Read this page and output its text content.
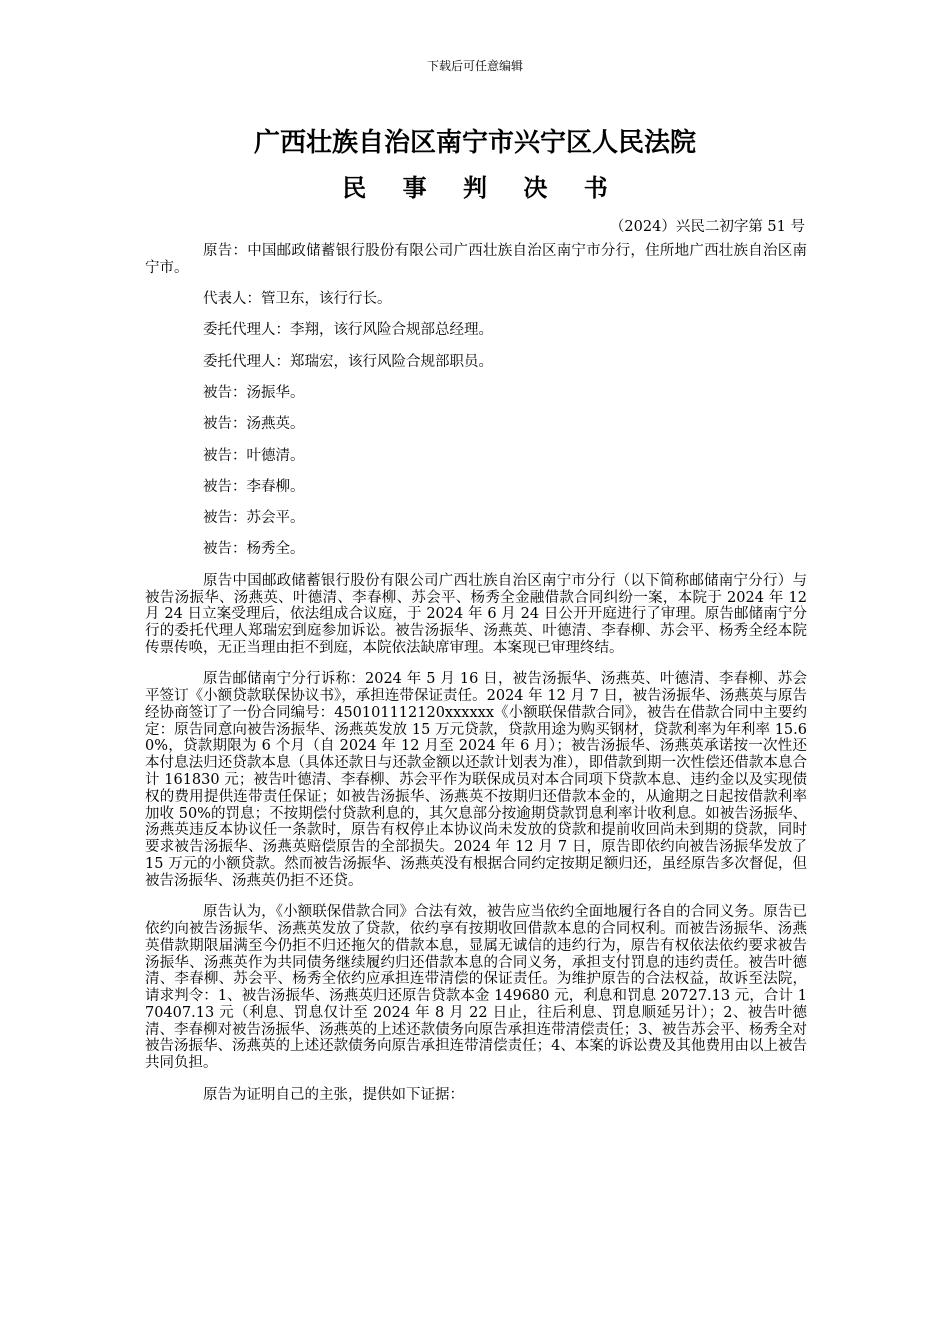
下载后可任意编辑
广西壮族自治区南宁市兴宁区人民法院
民 事 判 决 书
（2024）兴民二初字第 51 号

原告：中国邮政储蓄银行股份有限公司广西壮族自治区南宁市分行，住所地广西壮族自治区南宁市。

代表人：管卫东，该行行长。

委托代理人：李翔，该行风险合规部总经理。

委托代理人：郑瑞宏，该行风险合规部职员。

被告：汤振华。

被告：汤燕英。

被告：叶德清。

被告：李春柳。

被告：苏会平。

被告：杨秀全。

原告中国邮政储蓄银行股份有限公司广西壮族自治区南宁市分行（以下简称邮储南宁分行）与被告汤振华、汤燕英、叶德清、李春柳、苏会平、杨秀全金融借款合同纠纷一案，本院于 2024 年 12 月 24 日立案受理后，依法组成合议庭，于 2024 年 6 月 24 日公开开庭进行了审理。原告邮储南宁分行的委托代理人郑瑞宏到庭参加诉讼。被告汤振华、汤燕英、叶德清、李春柳、苏会平、杨秀全经本院传票传唤，无正当理由拒不到庭，本院依法缺席审理。本案现已审理终结。

原告邮储南宁分行诉称：2024 年 5 月 16 日，被告汤振华、汤燕英、叶德清、李春柳、苏会平签订《小额贷款联保协议书》，承担连带保证责任。2024 年 12 月 7 日，被告汤振华、汤燕英与原告经协商签订了一份合同编号：450101112120xxxxxx《小额联保借款合同》，被告在借款合同中主要约定：原告同意向被告汤振华、汤燕英发放 15 万元贷款，贷款用途为购买钢材，贷款利率为年利率 15.60%，贷款期限为 6 个月（自 2024 年 12 月至 2024 年 6 月）；被告汤振华、汤燕英承诺按一次性还本付息法归还贷款本息（具体还款日与还款金额以还款计划表为准），即借款到期一次性偿还借款本息合计 161830 元；被告叶德清、李春柳、苏会平作为联保成员对本合同项下贷款本息、违约金以及实现债权的费用提供连带责任保证；如被告汤振华、汤燕英不按期归还借款本金的，从逾期之日起按借款利率加收 50%的罚息；不按期偿付贷款利息的，其欠息部分按逾期贷款罚息利率计收利息。如被告汤振华、汤燕英违反本协议任一条款时，原告有权停止本协议尚未发放的贷款和提前收回尚未到期的贷款，同时要求被告汤振华、汤燕英赔偿原告的全部损失。2024 年 12 月 7 日，原告即依约向被告汤振华发放了 15 万元的小额贷款。然而被告汤振华、汤燕英没有根据合同约定按期足额归还，虽经原告多次督促，但被告汤振华、汤燕英仍拒不还贷。

原告认为，《小额联保借款合同》合法有效，被告应当依约全面地履行各自的合同义务。原告已依约向被告汤振华、汤燕英发放了贷款，依约享有按期收回借款本息的合同权利。而被告汤振华、汤燕英借款期限届满至今仍拒不归还拖欠的借款本息，显属无诚信的违约行为，原告有权依法依约要求被告汤振华、汤燕英作为共同债务继续履约归还借款本息的合同义务，承担支付罚息的违约责任。被告叶德清、李春柳、苏会平、杨秀全依约应承担连带清偿的保证责任。为维护原告的合法权益，故诉至法院，请求判令：1、被告汤振华、汤燕英归还原告贷款本金 149680 元，利息和罚息 20727.13 元，合计 170407.13 元（利息、罚息仅计至 2024 年 8 月 22 日止，往后利息、罚息顺延另计）；2、被告叶德清、李春柳对被告汤振华、汤燕英的上述还款债务向原告承担连带清偿责任；3、被告苏会平、杨秀全对被告汤振华、汤燕英的上述还款债务向原告承担连带清偿责任；4、本案的诉讼费及其他费用由以上被告共同负担。

原告为证明自己的主张，提供如下证据：
